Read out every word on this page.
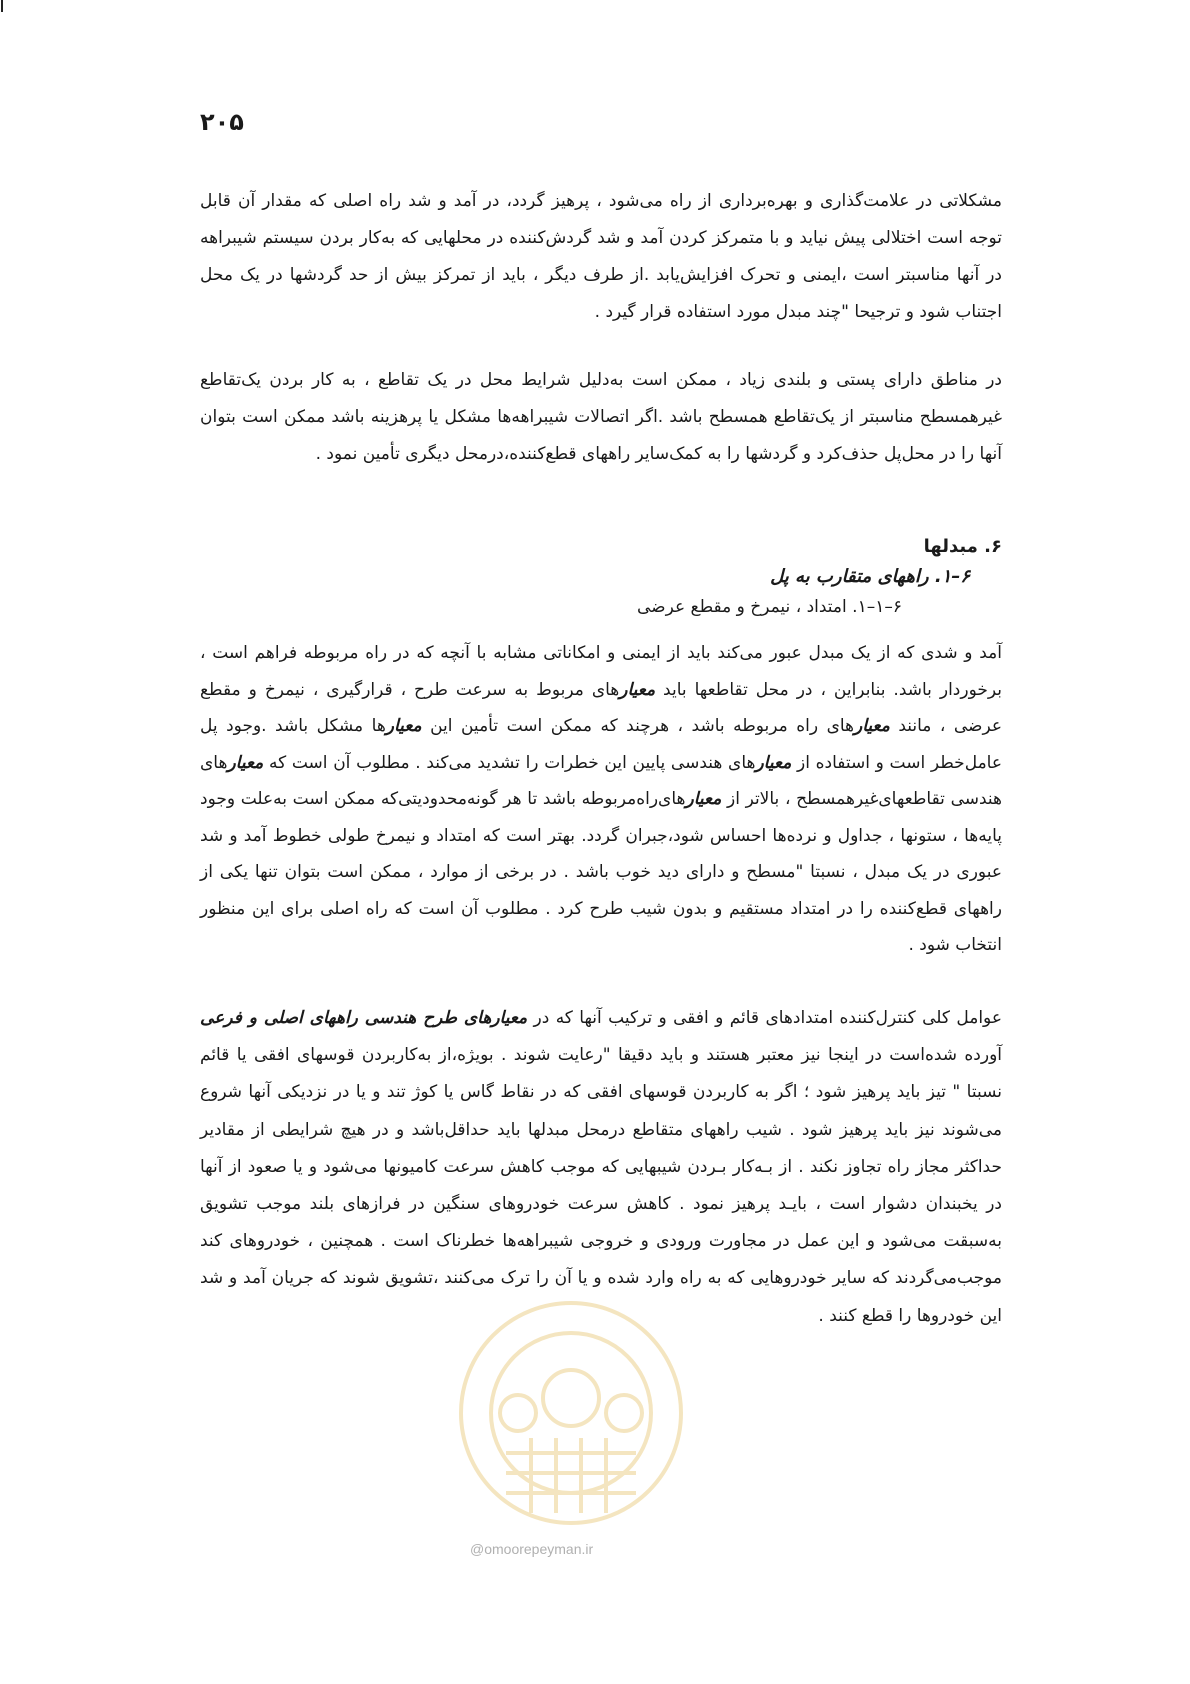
۲۰۵

مشکلاتی در علامت‌گذاری و بهره‌برداری از راه می‌شود ، پرهیز گردد، در آمد و شد راه اصلی که مقدار آن قابل توجه است اختلالی پیش نیاید و با متمرکز کردن آمد و شد گردش‌کننده در محلهایی که به‌کار بردن سیستم شیبراهه در آنها مناسبتر است ،ایمنی و تحرک افزایش‌یابد .از طرف دیگر ، باید از تمرکز بیش از حد گردشها در یک محل اجتناب شود و ترجیحا "چند مبدل مورد استفاده قرار گیرد .

در مناطق دارای پستی و بلندی زیاد ، ممکن است به‌دلیل شرایط محل در یک تقاطع ، به کار بردن یک‌تقاطع غیرهمسطح مناسبتر از یک‌تقاطع همسطح باشد .اگر اتصالات شیبراهه‌ها مشکل یا پرهزینه باشد ممکن است بتوان آنها را در محل‌پل حذف‌کرد و گردشها را به کمک‌سایر راههای قطع‌کننده،درمحل دیگری تأمین نمود .

۶. مبدلها
۶–۱. راههای متقارب به پل
۶–۱–۱. امتداد ، نیمرخ و مقطع عرضی

آمد و شدی که از یک مبدل عبور می‌کند باید از ایمنی و امکاناتی مشابه با آنچه که در راه مربوطه فراهم است ، برخوردار باشد. بنابراین ، در محل تقاطعها باید معیارهای مربوط به سرعت طرح ، قرارگیری ، نیمرخ و مقطع عرضی ، مانند معیارهای راه مربوطه باشد ، هرچند که ممکن است تأمین این معیارها مشکل باشد .وجود پل عامل‌خطر است و استفاده از معیارهای هندسی پایین این خطرات را تشدید می‌کند . مطلوب آن است که معیارهای هندسی تقاطعهای‌غیرهمسطح ، بالاتر از معیارهای‌راه‌مربوطه باشد تا هر گونه‌محدودیتی‌که ممکن است به‌علت وجود پایه‌ها ، ستونها ، جداول و نرده‌ها احساس شود،جبران گردد. بهتر است که امتداد و نیمرخ طولی خطوط آمد و شد عبوری در یک مبدل ، نسبتا "مسطح و دارای دید خوب باشد . در برخی از موارد ، ممکن است بتوان تنها یکی از راههای قطع‌کننده را در امتداد مستقیم و بدون شیب طرح کرد . مطلوب آن است که راه اصلی برای این منظور انتخاب شود .

عوامل کلی کنترل‌کننده امتدادهای قائم و افقی و ترکیب آنها که در معیارهای طرح هندسی راههای اصلی و فرعی آورده شده‌است در اینجا نیز معتبر هستند و باید دقیقا "رعایت شوند . بویژه،از به‌کاربردن قوسهای افقی یا قائم نسبتا " تیز باید پرهیز شود ؛ اگر به کاربردن قوسهای افقی که در نقاط گاس یا کوژ تند و یا در نزدیکی آنها شروع می‌شوند نیز باید پرهیز شود . شیب راههای متقاطع درمحل مبدلها باید حداقل‌باشد و در هیچ شرایطی از مقادیر حداکثر مجاز راه تجاوز نکند . از بـه‌کار بـردن شیبهایی که موجب کاهش سرعت کامیونها می‌شود و یا صعود از آنها در یخبندان دشوار است ، بایـد پرهیز نمود . کاهش سرعت خودروهای سنگین در فرازهای بلند موجب تشویق به‌سبقت می‌شود و این عمل در مجاورت ورودی و خروجی شیبراهه‌ها خطرناک است . همچنین ، خودروهای کند موجب‌می‌گردند که سایر خودروهایی که به راه وارد شده و یا آن را ترک می‌کنند ،تشویق شوند که جریان آمد و شد این خودروها را قطع کنند .

@omoorepeyman.ir
